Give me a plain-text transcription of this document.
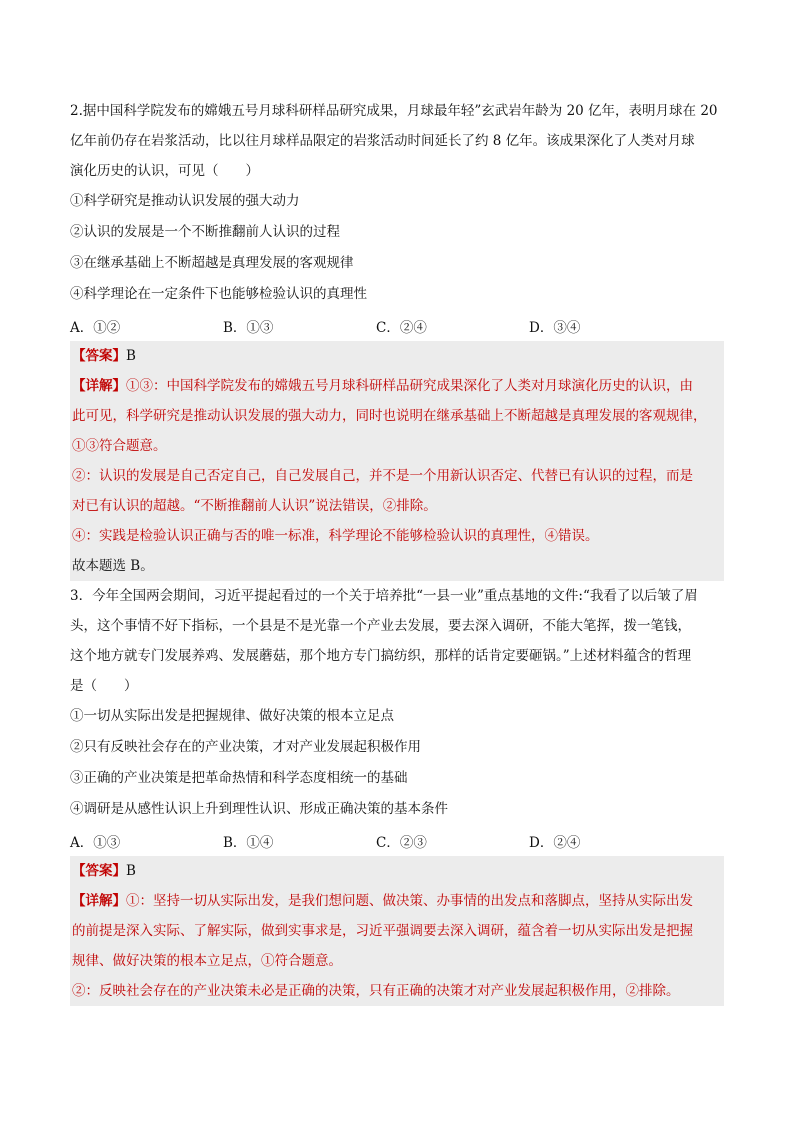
2.据中国科学院发布的嫦娥五号月球科研样品研究成果，月球最年轻”玄武岩年龄为 20 亿年，表明月球在 20

亿年前仍存在岩浆活动，比以往月球样品限定的岩浆活动时间延长了约 8 亿年。该成果深化了人类对月球

演化历史的认识，可见（　　）

①科学研究是推动认识发展的强大动力

②认识的发展是一个不断推翻前人认识的过程

③在继承基础上不断超越是真理发展的客观规律

④科学理论在一定条件下也能够检验认识的真理性

A．①②	B．①③	C．②④	D．③④

【答案】B

【详解】①③：中国科学院发布的嫦娥五号月球科研样品研究成果深化了人类对月球演化历史的认识，由

此可见，科学研究是推动认识发展的强大动力，同时也说明在继承基础上不断超越是真理发展的客观规律，

①③符合题意。

②：认识的发展是自己否定自己，自己发展自己，并不是一个用新认识否定、代替已有认识的过程，而是

对已有认识的超越。“不断推翻前人认识”说法错误，②排除。

④：实践是检验认识正确与否的唯一标准，科学理论不能够检验认识的真理性，④错误。

故本题选 B。

3．今年全国两会期间，习近平提起看过的一个关于培养批“一县一业”重点基地的文件:“我看了以后皱了眉

头，这个事情不好下指标，一个县是不是光靠一个产业去发展，要去深入调研，不能大笔挥，拨一笔钱，

这个地方就专门发展养鸡、发展蘑菇，那个地方专门搞纺织，那样的话肯定要砸锅。”上述材料蕴含的哲理

是（　　）

①一切从实际出发是把握规律、做好决策的根本立足点

②只有反映社会存在的产业决策，才对产业发展起积极作用

③正确的产业决策是把革命热情和科学态度相统一的基础

④调研是从感性认识上升到理性认识、形成正确决策的基本条件

A．①③	B．①④	C．②③	D．②④

【答案】B

【详解】①：坚持一切从实际出发，是我们想问题、做决策、办事情的出发点和落脚点，坚持从实际出发

的前提是深入实际、了解实际，做到实事求是，习近平强调要去深入调研，蕴含着一切从实际出发是把握

规律、做好决策的根本立足点，①符合题意。

②：反映社会存在的产业决策未必是正确的决策，只有正确的决策才对产业发展起积极作用，②排除。
